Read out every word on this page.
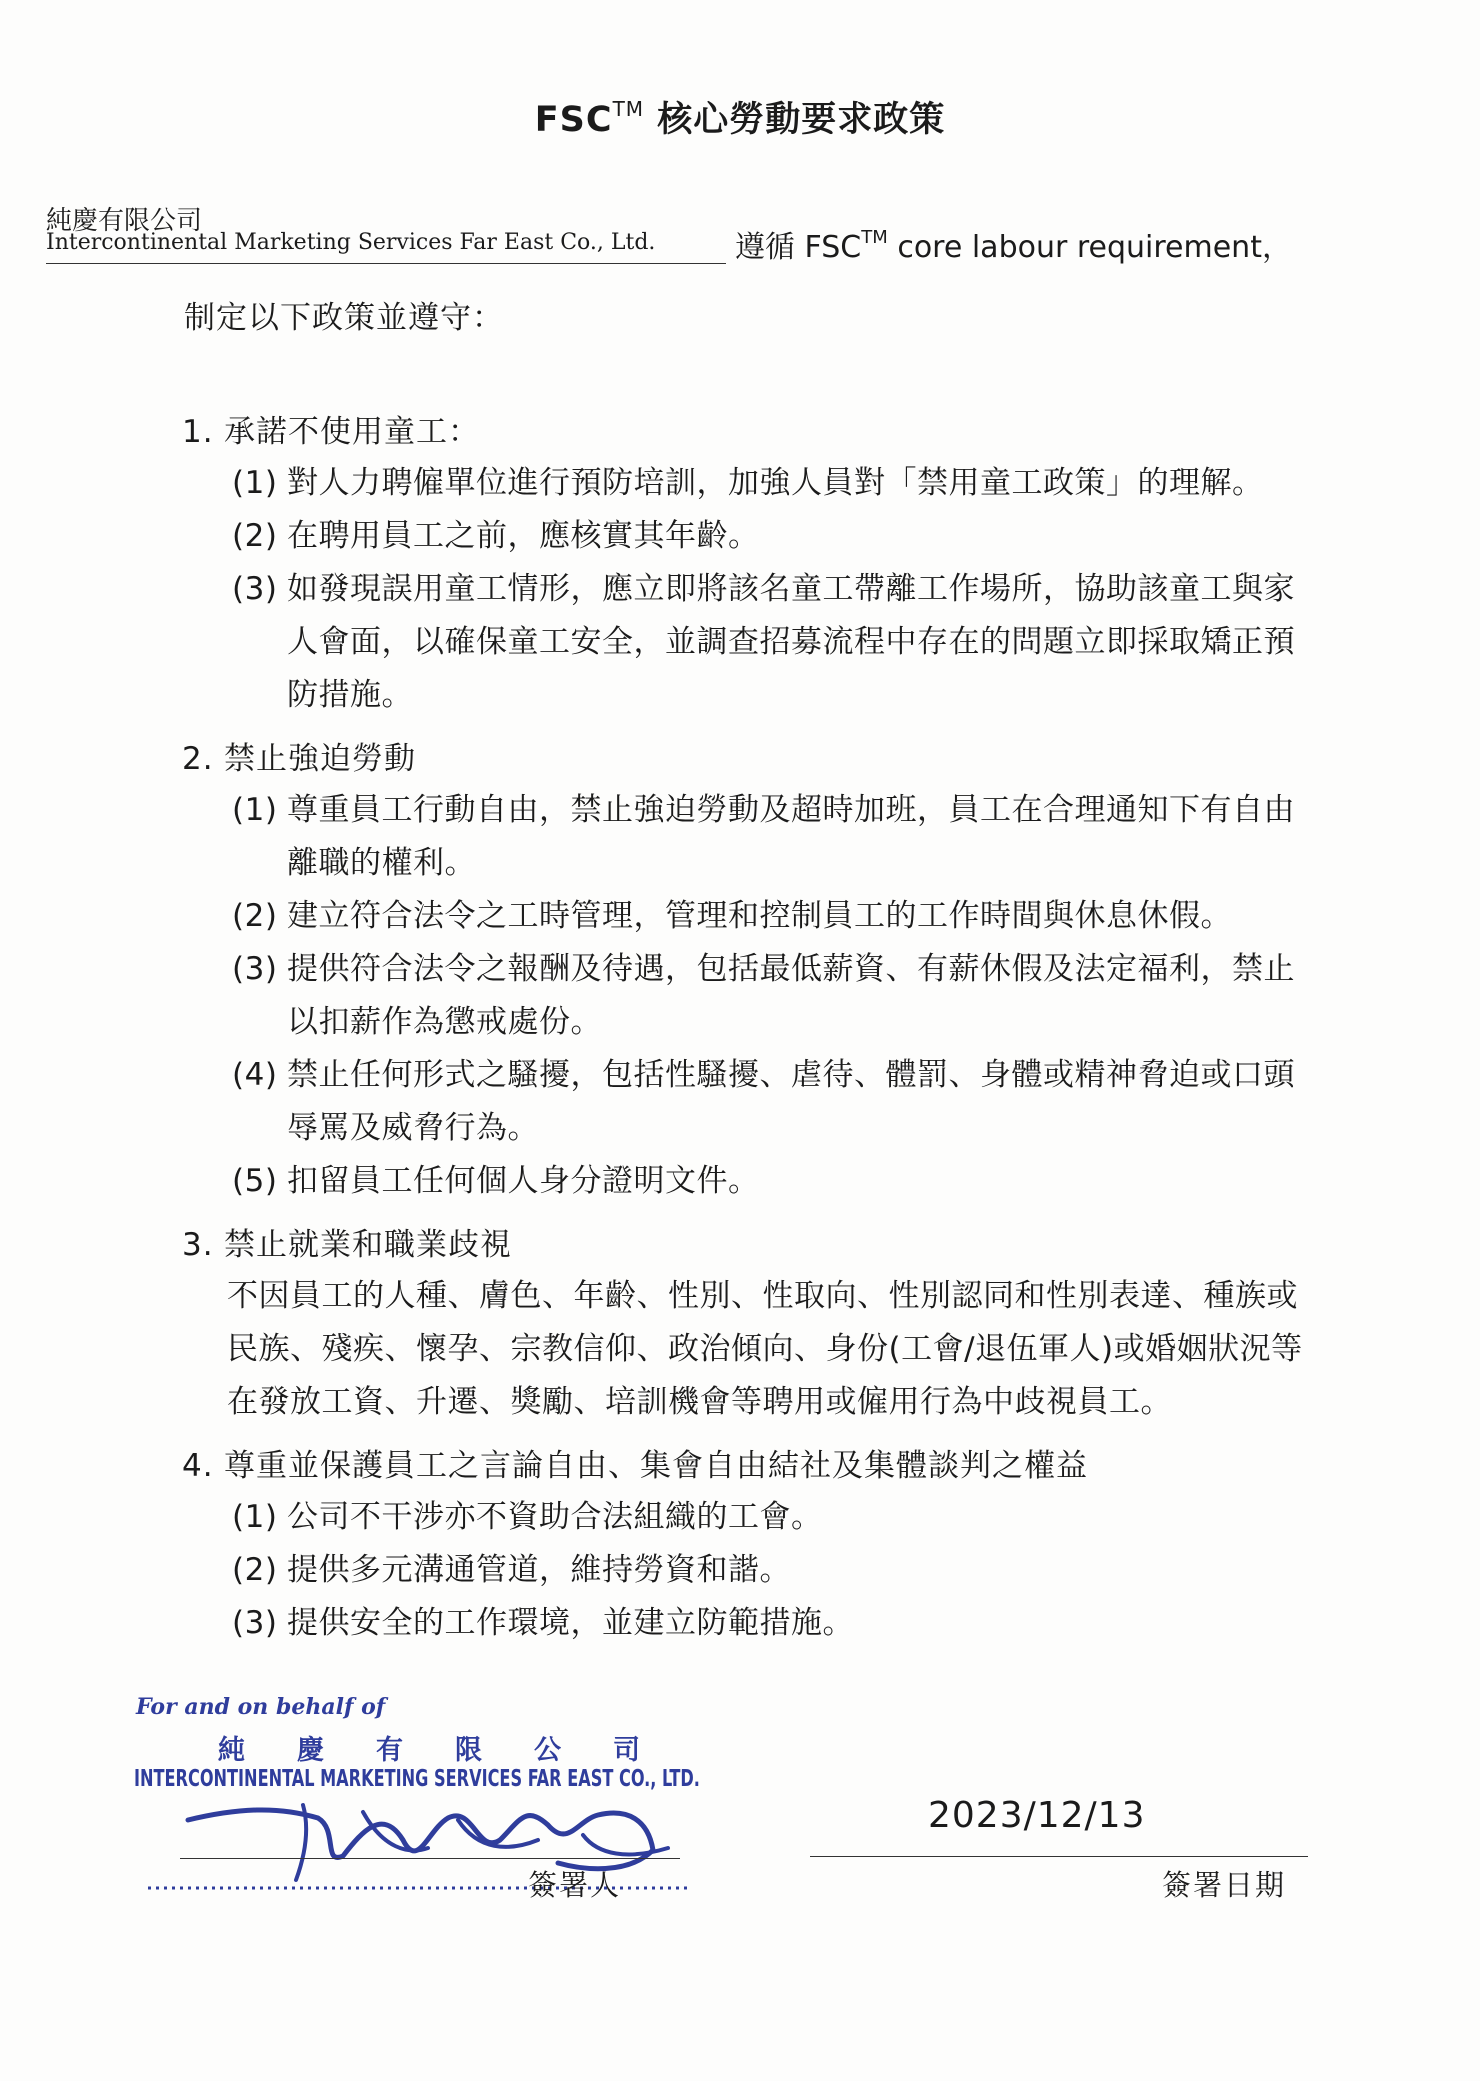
FSC™ 核心勞動要求政策
純慶有限公司
Intercontinental Marketing Services Far East Co., Ltd.	遵循 FSC™ core labour requirement，
制定以下政策並遵守：
1. 承諾不使用童工：
(1) 對人力聘僱單位進行預防培訓，加強人員對「禁用童工政策」的理解。
(2) 在聘用員工之前，應核實其年齡。
(3) 如發現誤用童工情形，應立即將該名童工帶離工作場所，協助該童工與家人會面，以確保童工安全，並調查招募流程中存在的問題立即採取矯正預防措施。
2. 禁止強迫勞動
(1) 尊重員工行動自由，禁止強迫勞動及超時加班，員工在合理通知下有自由離職的權利。
(2) 建立符合法令之工時管理，管理和控制員工的工作時間與休息休假。
(3) 提供符合法令之報酬及待遇，包括最低薪資、有薪休假及法定福利，禁止以扣薪作為懲戒處份。
(4) 禁止任何形式之騷擾，包括性騷擾、虐待、體罰、身體或精神脅迫或口頭辱罵及威脅行為。
(5) 扣留員工任何個人身分證明文件。
3. 禁止就業和職業歧視
不因員工的人種、膚色、年齡、性別、性取向、性別認同和性別表達、種族或民族、殘疾、懷孕、宗教信仰、政治傾向、身份(工會/退伍軍人)或婚姻狀況等在發放工資、升遷、獎勵、培訓機會等聘用或僱用行為中歧視員工。
4. 尊重並保護員工之言論自由、集會自由結社及集體談判之權益
(1) 公司不干涉亦不資助合法組織的工會。
(2) 提供多元溝通管道，維持勞資和諧。
(3) 提供安全的工作環境，並建立防範措施。
For and on behalf of
純慶有限公司
INTERCONTINENTAL MARKETING SERVICES FAR EAST CO., LTD.
簽署人
2023/12/13
簽署日期
